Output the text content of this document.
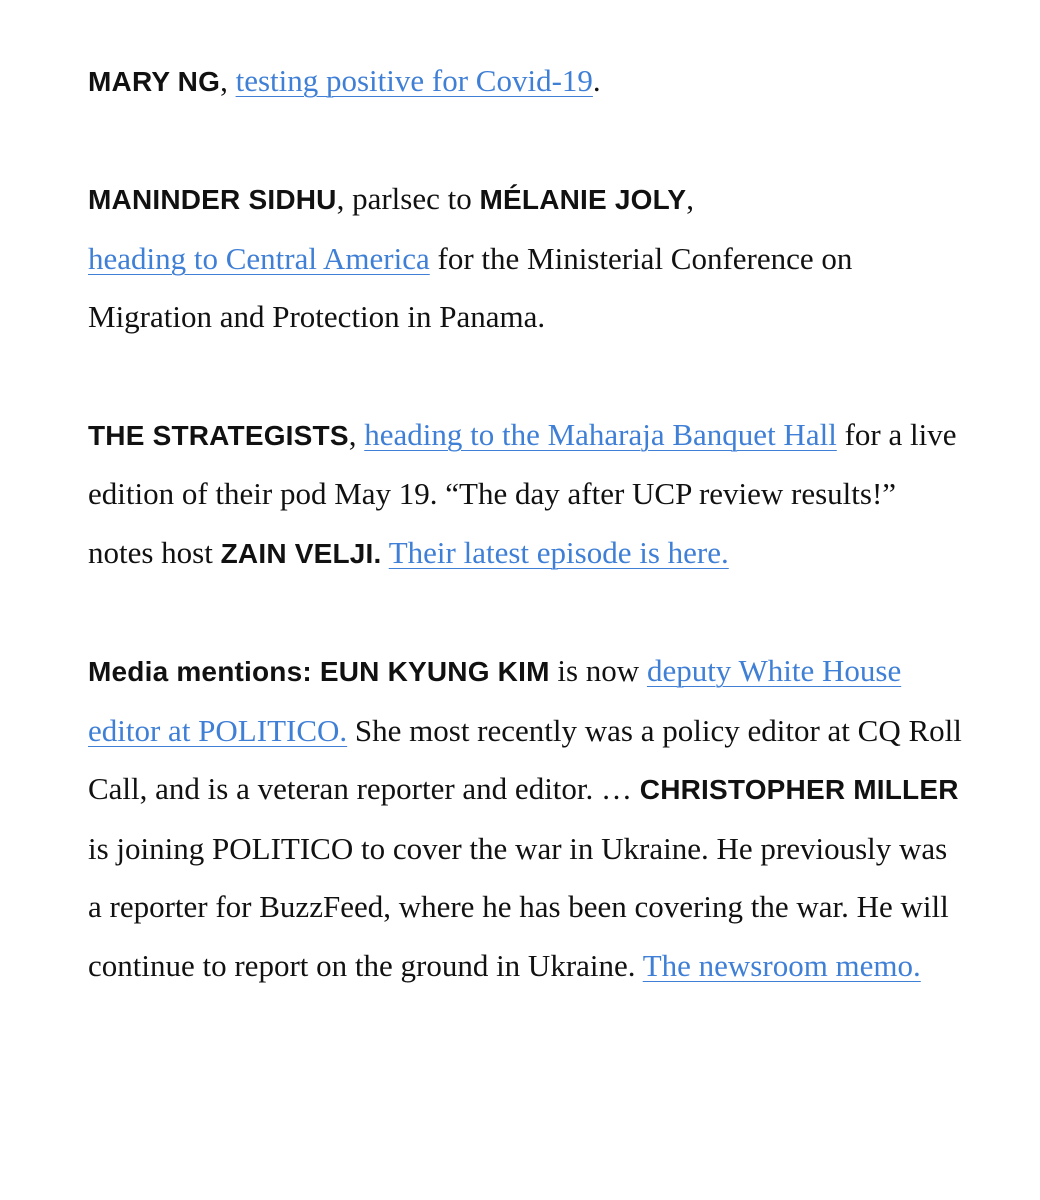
MARY NG, testing positive for Covid-19.

MANINDER SIDHU, parlsec to MÉLANIE JOLY,
heading to Central America for the Ministerial Conference on Migration and Protection in Panama.

THE STRATEGISTS, heading to the Maharaja Banquet Hall for a live edition of their pod May 19. “The day after UCP review results!” notes host ZAIN VELJI. Their latest episode is here.

Media mentions: EUN KYUNG KIM is now deputy White House editor at POLITICO. She most recently was a policy editor at CQ Roll Call, and is a veteran reporter and editor. … CHRISTOPHER MILLER is joining POLITICO to cover the war in Ukraine. He previously was a reporter for BuzzFeed, where he has been covering the war. He will continue to report on the ground in Ukraine. The newsroom memo.
